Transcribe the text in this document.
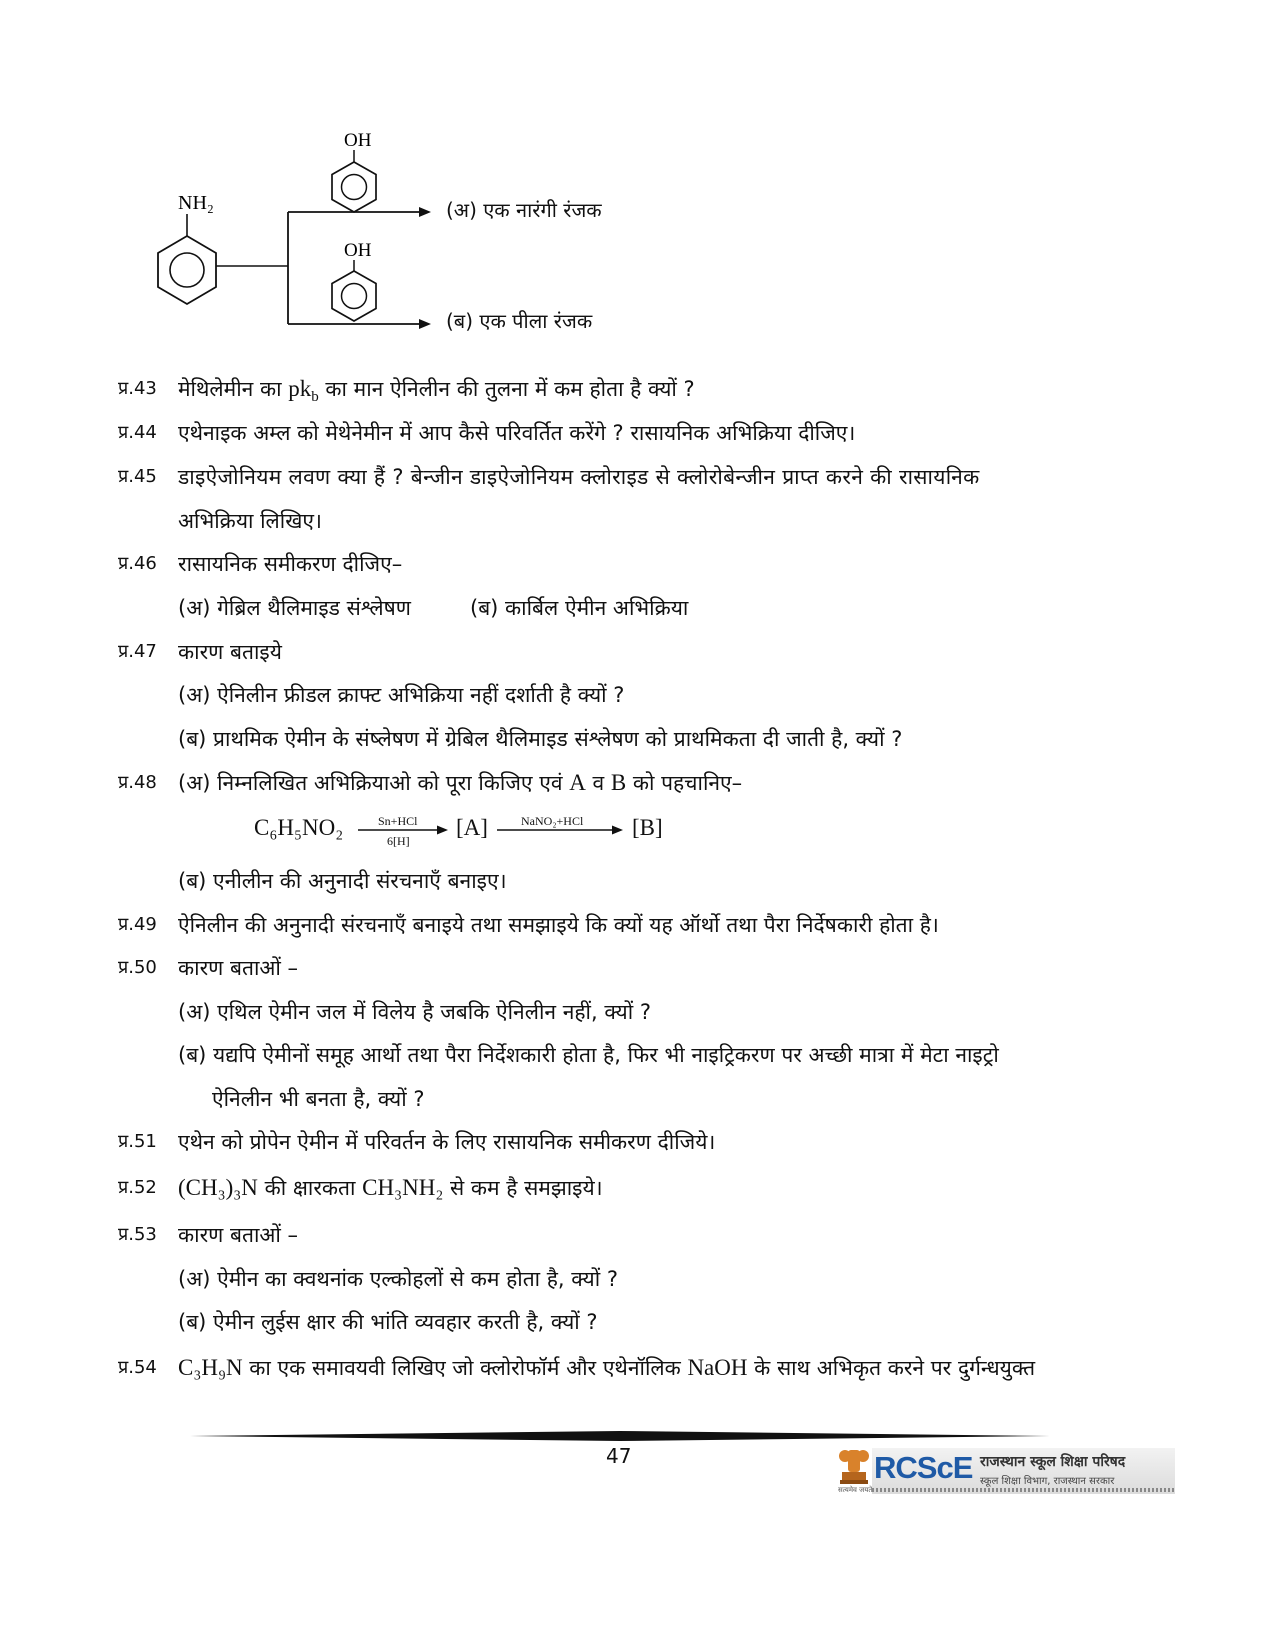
NH₂
OH
OH
(अ) एक नारंगी रंजक
(ब) एक पीला रंजक
प्र.43 मेथिलेमीन का $pk_b$ का मान ऐनिलीन की तुलना में कम होता है क्यों ?
प्र.44 एथेनाइक अम्ल को मेथेनेमीन में आप कैसे परिवर्तित करेंगे ? रासायनिक अभिक्रिया दीजिए।
प्र.45 डाइऐजोनियम लवण क्या हैं ? बेन्जीन डाइऐजोनियम क्लोराइड से क्लोरोबेन्जीन प्राप्त करने की रासायनिक
अभिक्रिया लिखिए।
प्र.46 रासायनिक समीकरण दीजिए–
(अ) गेब्रिल थैलिमाइड संश्लेषण	(ब) कार्बिल ऐमीन अभिक्रिया
प्र.47 कारण बताइये
(अ) ऐनिलीन फ्रीडल क्राफ्ट अभिक्रिया नहीं दर्शाती है क्यों ?
(ब) प्राथमिक ऐमीन के संष्लेषण में ग्रेबिल थैलिमाइड संश्लेषण को प्राथमिकता दी जाती है, क्यों ?
प्र.48 (अ) निम्नलिखित अभिक्रियाओ को पूरा किजिए एवं A व B को पहचानिए–
C₆H₅NO₂	Sn+HCl
6[H]
[A]	NaNO₂+HCl [B]
(ब) एनीलीन की अनुनादी संरचनाएँ बनाइए।
प्र.49 ऐनिलीन की अनुनादी संरचनाएँ बनाइये तथा समझाइये कि क्यों यह ऑर्थो तथा पैरा निर्देषकारी होता है।
प्र.50 कारण बताओं –
(अ) एथिल ऐमीन जल में विलेय है जबकि ऐनिलीन नहीं, क्यों ?
(ब) यद्यपि ऐमीनों समूह आर्थो तथा पैरा निर्देशकारी होता है, फिर भी नाइट्रिकरण पर अच्छी मात्रा में मेटा नाइट्रो
ऐनिलीन भी बनता है, क्यों ?
प्र.51 एथेन को प्रोपेन ऐमीन में परिवर्तन के लिए रासायनिक समीकरण दीजिये।
प्र.52 (CH₃)₃N की क्षारकता CH₃NH₂ से कम है समझाइये।
प्र.53 कारण बताओं –
(अ) ऐमीन का क्वथनांक एल्कोहलों से कम होता है, क्यों ?
(ब) ऐमीन लुईस क्षार की भांति व्यवहार करती है, क्यों ?
प्र.54 C₃H₉N का एक समावयवी लिखिए जो क्लोरोफॉर्म और एथेनॉलिक NaOH के साथ अभिकृत करने पर दुर्गन्धयुक्त
47
सत्यमेव जयते
RCScE राजस्थान स्कूल शिक्षा परिषद
स्कूल शिक्षा विभाग, राजस्थान सरकार
